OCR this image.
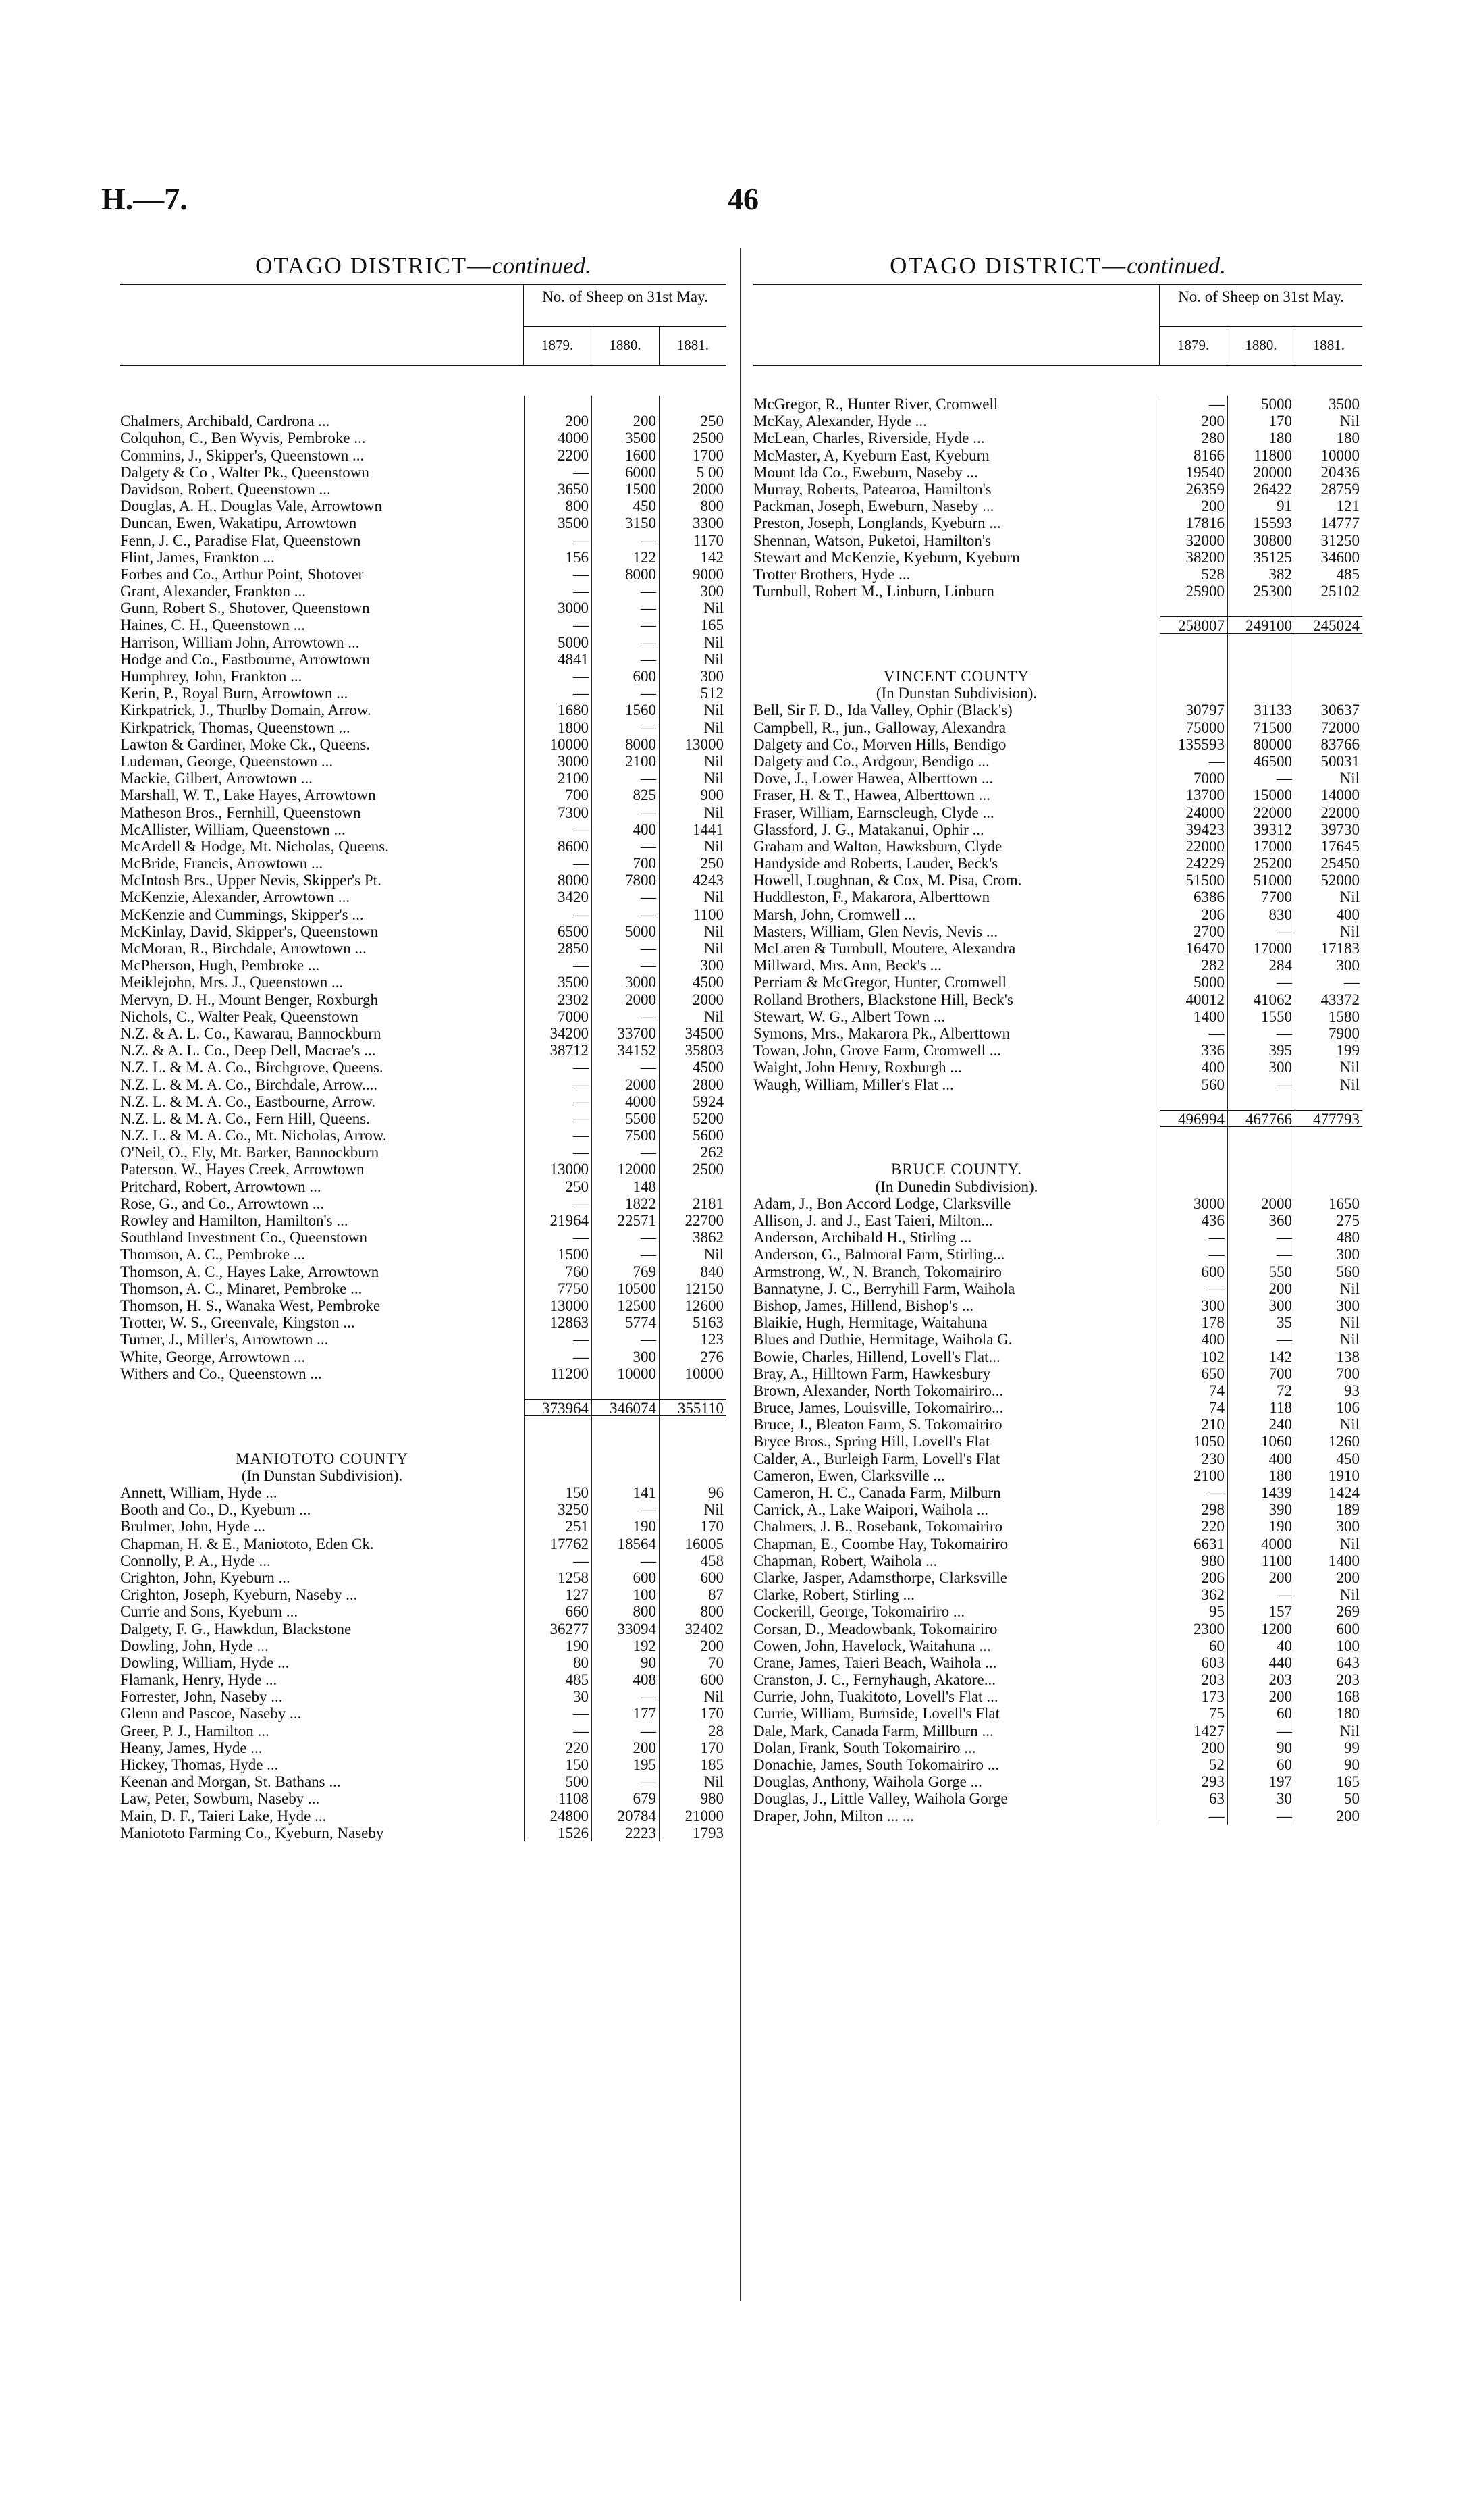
H.—7.	46
OTAGO DISTRICT—continued.
No. of Sheep on 31st May.
1879.	1880.	1881.
Chalmers, Archibald, Cardrona ...	200	200	250
Colquhon, C., Ben Wyvis, Pembroke ...	4000	3500	2500
Commins, J., Skipper's, Queenstown ...	2200	1600	1700
Dalgety & Co , Walter Pk., Queenstown	—	6000	5 00
Davidson, Robert, Queenstown ...	3650	1500	2000
Douglas, A. H., Douglas Vale, Arrowtown	800	450	800
Duncan, Ewen, Wakatipu, Arrowtown	3500	3150	3300
Fenn, J. C., Paradise Flat, Queenstown	—	—	1170
Flint, James, Frankton ...	156	122	142
Forbes and Co., Arthur Point, Shotover	—	8000	9000
Grant, Alexander, Frankton ...	—	—	300
Gunn, Robert S., Shotover, Queenstown	3000	—	Nil
Haines, C. H., Queenstown ...	—	—	165
Harrison, William John, Arrowtown ...	5000	—	Nil
Hodge and Co., Eastbourne, Arrowtown	4841	—	Nil
Humphrey, John, Frankton ...	—	600	300
Kerin, P., Royal Burn, Arrowtown ...	—	—	512
Kirkpatrick, J., Thurlby Domain, Arrow.	1680	1560	Nil
Kirkpatrick, Thomas, Queenstown ...	1800	—	Nil
Lawton & Gardiner, Moke Ck., Queens.	10000	8000	13000
Ludeman, George, Queenstown ...	3000	2100	Nil
Mackie, Gilbert, Arrowtown ...	2100	—	Nil
Marshall, W. T., Lake Hayes, Arrowtown	700	825	900
Matheson Bros., Fernhill, Queenstown	7300	—	Nil
McAllister, William, Queenstown ...	—	400	1441
McArdell & Hodge, Mt. Nicholas, Queens.	8600	—	Nil
McBride, Francis, Arrowtown ...	—	700	250
McIntosh Brs., Upper Nevis, Skipper's Pt.	8000	7800	4243
McKenzie, Alexander, Arrowtown ...	3420	—	Nil
McKenzie and Cummings, Skipper's ...	—	—	1100
McKinlay, David, Skipper's, Queenstown	6500	5000	Nil
McMoran, R., Birchdale, Arrowtown ...	2850	—	Nil
McPherson, Hugh, Pembroke ...	—	—	300
Meiklejohn, Mrs. J., Queenstown ...	3500	3000	4500
Mervyn, D. H., Mount Benger, Roxburgh	2302	2000	2000
Nichols, C., Walter Peak, Queenstown	7000	—	Nil
N.Z. & A. L. Co., Kawarau, Bannockburn	34200	33700	34500
N.Z. & A. L. Co., Deep Dell, Macrae's ...	38712	34152	35803
N.Z. L. & M. A. Co., Birchgrove, Queens.	—	—	4500
N.Z. L. & M. A. Co., Birchdale, Arrow....	—	2000	2800
N.Z. L. & M. A. Co., Eastbourne, Arrow.	—	4000	5924
N.Z. L. & M. A. Co., Fern Hill, Queens.	—	5500	5200
N.Z. L. & M. A. Co., Mt. Nicholas, Arrow.	—	7500	5600
O'Neil, O., Ely, Mt. Barker, Bannockburn	—	—	262
Paterson, W., Hayes Creek, Arrowtown	13000	12000	2500
Pritchard, Robert, Arrowtown ...	250	148
Rose, G., and Co., Arrowtown ...	—	1822	2181
Rowley and Hamilton, Hamilton's ...	21964	22571	22700
Southland Investment Co., Queenstown	—	—	3862
Thomson, A. C., Pembroke ...	1500	—	Nil
Thomson, A. C., Hayes Lake, Arrowtown	760	769	840
Thomson, A. C., Minaret, Pembroke ...	7750	10500	12150
Thomson, H. S., Wanaka West, Pembroke	13000	12500	12600
Trotter, W. S., Greenvale, Kingston ...	12863	5774	5163
Turner, J., Miller's, Arrowtown ...	—	—	123
White, George, Arrowtown ...	—	300	276
Withers and Co., Queenstown ...	11200	10000	10000
373964	346074	355110
MANIOTOTO COUNTY
(In Dunstan Subdivision).
Annett, William, Hyde ...	150	141	96
Booth and Co., D., Kyeburn ...	3250	—	Nil
Brulmer, John, Hyde ...	251	190	170
Chapman, H. & E., Maniototo, Eden Ck.	17762	18564	16005
Connolly, P. A., Hyde ...	—	—	458
Crighton, John, Kyeburn ...	1258	600	600
Crighton, Joseph, Kyeburn, Naseby ...	127	100	87
Currie and Sons, Kyeburn ...	660	800	800
Dalgety, F. G., Hawkdun, Blackstone	36277	33094	32402
Dowling, John, Hyde ...	190	192	200
Dowling, William, Hyde ...	80	90	70
Flamank, Henry, Hyde ...	485	408	600
Forrester, John, Naseby ...	30	—	Nil
Glenn and Pascoe, Naseby ...	—	177	170
Greer, P. J., Hamilton ...	—	—	28
Heany, James, Hyde ...	220	200	170
Hickey, Thomas, Hyde ...	150	195	185
Keenan and Morgan, St. Bathans ...	500	—	Nil
Law, Peter, Sowburn, Naseby ...	1108	679	980
Main, D. F., Taieri Lake, Hyde ...	24800	20784	21000
Maniototo Farming Co., Kyeburn, Naseby	1526	2223	1793
OTAGO DISTRICT—continued.
No. of Sheep on 31st May.
1879.	1880.	1881.
McGregor, R., Hunter River, Cromwell	—	5000	3500
McKay, Alexander, Hyde ...	200	170	Nil
McLean, Charles, Riverside, Hyde ...	280	180	180
McMaster, A, Kyeburn East, Kyeburn	8166	11800	10000
Mount Ida Co., Eweburn, Naseby ...	19540	20000	20436
Murray, Roberts, Patearoa, Hamilton's	26359	26422	28759
Packman, Joseph, Eweburn, Naseby ...	200	91	121
Preston, Joseph, Longlands, Kyeburn ...	17816	15593	14777
Shennan, Watson, Puketoi, Hamilton's	32000	30800	31250
Stewart and McKenzie, Kyeburn, Kyeburn	38200	35125	34600
Trotter Brothers, Hyde ...	528	382	485
Turnbull, Robert M., Linburn, Linburn	25900	25300	25102
258007	249100	245024
VINCENT COUNTY
(In Dunstan Subdivision).
Bell, Sir F. D., Ida Valley, Ophir (Black's)	30797	31133	30637
Campbell, R., jun., Galloway, Alexandra	75000	71500	72000
Dalgety and Co., Morven Hills, Bendigo	135593	80000	83766
Dalgety and Co., Ardgour, Bendigo ...	—	46500	50031
Dove, J., Lower Hawea, Alberttown ...	7000	—	Nil
Fraser, H. & T., Hawea, Alberttown ...	13700	15000	14000
Fraser, William, Earnscleugh, Clyde ...	24000	22000	22000
Glassford, J. G., Matakanui, Ophir ...	39423	39312	39730
Graham and Walton, Hawksburn, Clyde	22000	17000	17645
Handyside and Roberts, Lauder, Beck's	24229	25200	25450
Howell, Loughnan, & Cox, M. Pisa, Crom.	51500	51000	52000
Huddleston, F., Makarora, Alberttown	6386	7700	Nil
Marsh, John, Cromwell ...	206	830	400
Masters, William, Glen Nevis, Nevis ...	2700	—	Nil
McLaren & Turnbull, Moutere, Alexandra	16470	17000	17183
Millward, Mrs. Ann, Beck's ...	282	284	300
Perriam & McGregor, Hunter, Cromwell	5000	—	—
Rolland Brothers, Blackstone Hill, Beck's	40012	41062	43372
Stewart, W. G., Albert Town ...	1400	1550	1580
Symons, Mrs., Makarora Pk., Alberttown	—	—	7900
Towan, John, Grove Farm, Cromwell ...	336	395	199
Waight, John Henry, Roxburgh ...	400	300	Nil
Waugh, William, Miller's Flat ...	560	—	Nil
496994	467766	477793
BRUCE COUNTY.
(In Dunedin Subdivision).
Adam, J., Bon Accord Lodge, Clarksville	3000	2000	1650
Allison, J. and J., East Taieri, Milton...	436	360	275
Anderson, Archibald H., Stirling ...	—	—	480
Anderson, G., Balmoral Farm, Stirling...	—	—	300
Armstrong, W., N. Branch, Tokomairiro	600	550	560
Bannatyne, J. C., Berryhill Farm, Waihola	—	200	Nil
Bishop, James, Hillend, Bishop's ...	300	300	300
Blaikie, Hugh, Hermitage, Waitahuna	178	35	Nil
Blues and Duthie, Hermitage, Waihola G.	400	—	Nil
Bowie, Charles, Hillend, Lovell's Flat...	102	142	138
Bray, A., Hilltown Farm, Hawkesbury	650	700	700
Brown, Alexander, North Tokomairiro...	74	72	93
Bruce, James, Louisville, Tokomairiro...	74	118	106
Bruce, J., Bleaton Farm, S. Tokomairiro	210	240	Nil
Bryce Bros., Spring Hill, Lovell's Flat	1050	1060	1260
Calder, A., Burleigh Farm, Lovell's Flat	230	400	450
Cameron, Ewen, Clarksville ...	2100	180	1910
Cameron, H. C., Canada Farm, Milburn	—	1439	1424
Carrick, A., Lake Waipori, Waihola ...	298	390	189
Chalmers, J. B., Rosebank, Tokomairiro	220	190	300
Chapman, E., Coombe Hay, Tokomairiro	6631	4000	Nil
Chapman, Robert, Waihola ...	980	1100	1400
Clarke, Jasper, Adamsthorpe, Clarksville	206	200	200
Clarke, Robert, Stirling ...	362	—	Nil
Cockerill, George, Tokomairiro ...	95	157	269
Corsan, D., Meadowbank, Tokomairiro	2300	1200	600
Cowen, John, Havelock, Waitahuna ...	60	40	100
Crane, James, Taieri Beach, Waihola ...	603	440	643
Cranston, J. C., Fernyhaugh, Akatore...	203	203	203
Currie, John, Tuakitoto, Lovell's Flat ...	173	200	168
Currie, William, Burnside, Lovell's Flat	75	60	180
Dale, Mark, Canada Farm, Millburn ...	1427	—	Nil
Dolan, Frank, South Tokomairiro ...	200	90	99
Donachie, James, South Tokomairiro ...	52	60	90
Douglas, Anthony, Waihola Gorge ...	293	197	165
Douglas, J., Little Valley, Waihola Gorge	63	30	50
Draper, John, Milton ... ...	—	—	200
